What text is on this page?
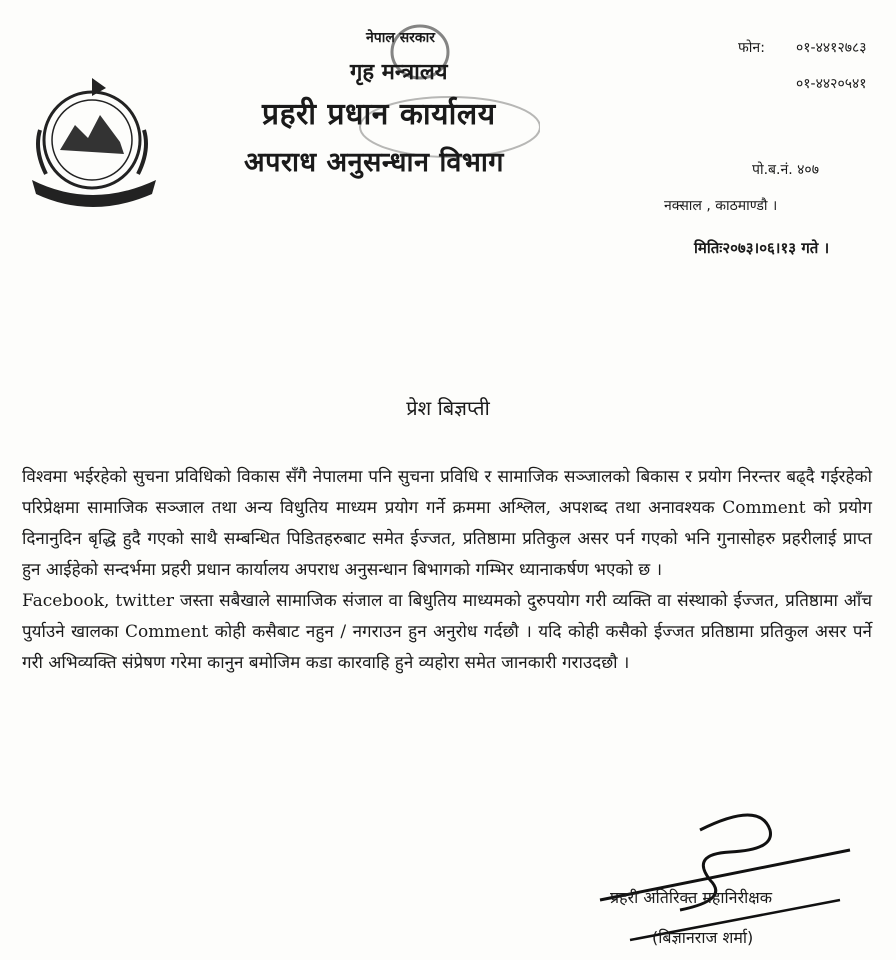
नेपाल सरकार
गृह मन्त्रालय
प्रहरी प्रधान कार्यालय
अपराध अनुसन्धान विभाग
फोन: ०१-४४१२७८३
०१-४४२०५४१
पो.ब.नं. ४०७
नक्साल , काठमाण्डौ ।
मितिः२०७३।०६।१३ गते ।
प्रेश बिज्ञप्ती

विश्वमा भईरहेको सुचना प्रविधिको विकास सँगै नेपालमा पनि सुचना प्रविधि र सामाजिक सञ्जालको बिकास र प्रयोग निरन्तर बढ्दै गईरहेको परिप्रेक्षमा सामाजिक सञ्जाल तथा अन्य विधुतिय माध्यम प्रयोग गर्ने क्रममा अश्लिल, अपशब्द तथा अनावश्यक Comment को प्रयोग दिनानुदिन बृद्धि हुदै गएको साथै सम्बन्धित पिडितहरुबाट समेत ईज्जत, प्रतिष्ठामा प्रतिकुल असर पर्न गएको भनि गुनासोहरु प्रहरीलाई प्राप्त हुन आईहेको सन्दर्भमा प्रहरी प्रधान कार्यालय अपराध अनुसन्धान बिभागको गम्भिर ध्यानाकर्षण भएको छ ।

Facebook, twitter जस्ता सबैखाले सामाजिक संजाल वा बिधुतिय माध्यमको दुरुपयोग गरी व्यक्ति वा संस्थाको ईज्जत, प्रतिष्ठामा आँच पुर्याउने खालका Comment कोही कसैबाट नहुन / नगराउन हुन अनुरोध गर्दछौ । यदि कोही कसैको ईज्जत प्रतिष्ठामा प्रतिकुल असर पर्ने गरी अभिव्यक्ति संप्रेषण गरेमा कानुन बमोजिम कडा कारवाहि हुने व्यहोरा समेत जानकारी गराउदछौ ।

प्रहरी अतिरिक्त महानिरीक्षक
(बिज्ञानराज शर्मा)
